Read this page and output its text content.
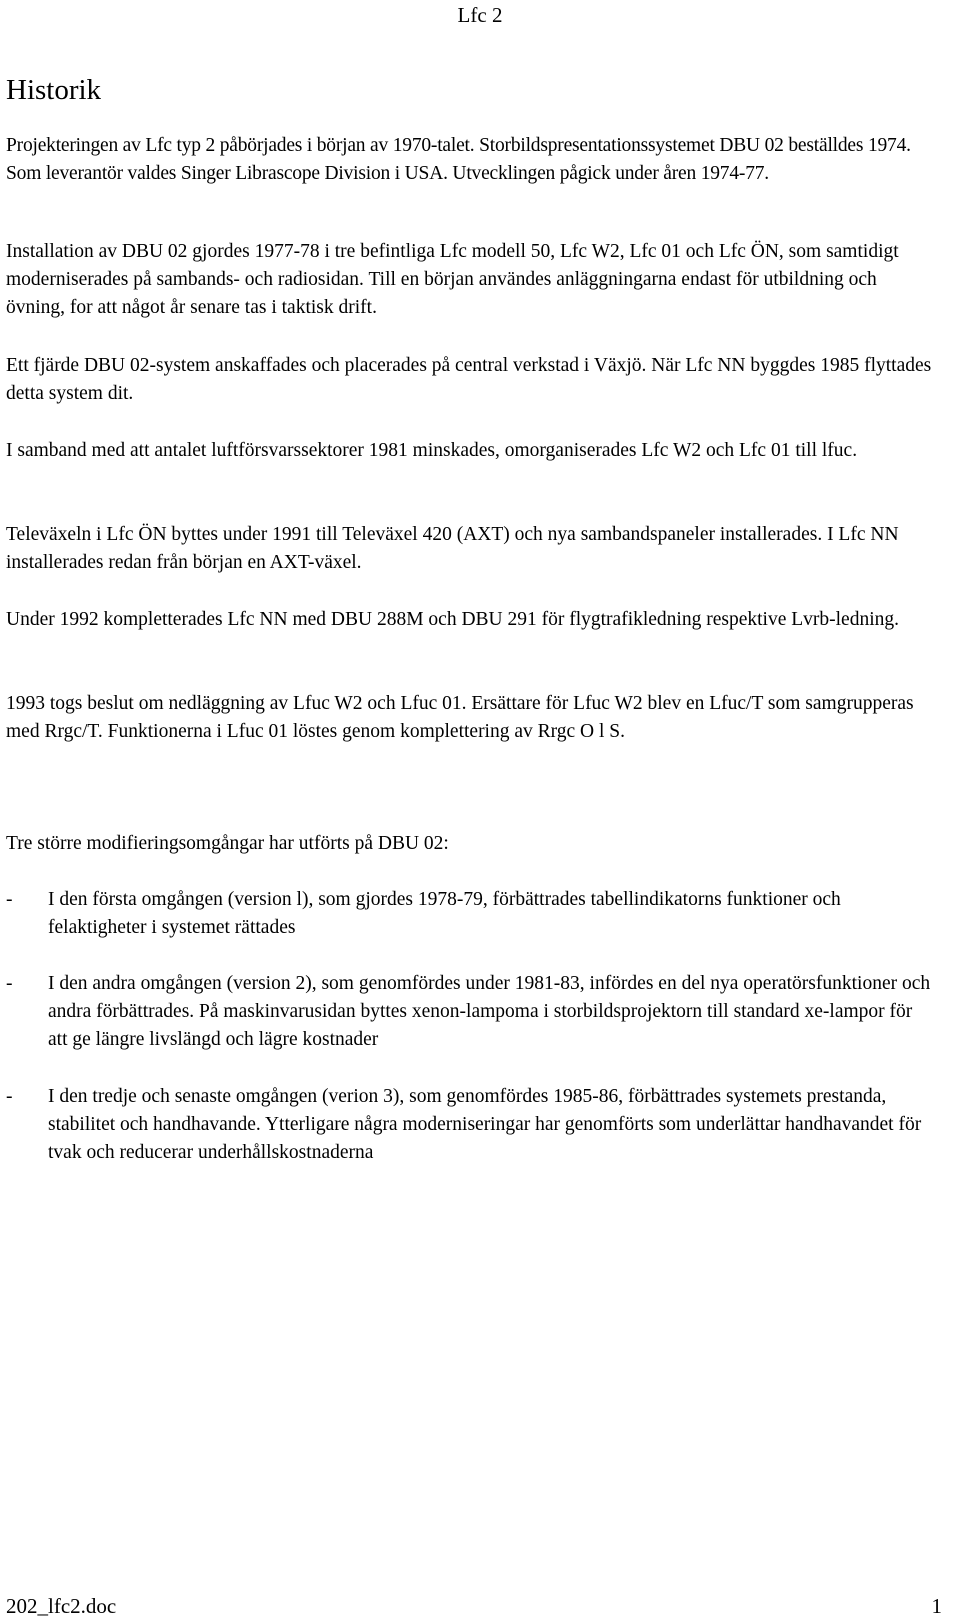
Lfc 2
Historik

Projekteringen av Lfc typ 2 påbörjades i början av 1970-talet. Storbildspresentationssystemet DBU 02 beställdes 1974. Som leverantör valdes Singer Librascope Division i USA. Utvecklingen pågick under åren 1974-77.

Installation av DBU 02 gjordes 1977-78 i tre befintliga Lfc modell 50, Lfc W2, Lfc 01 och Lfc ÖN, som samtidigt moderniserades på sambands- och radiosidan. Till en början användes anläggningarna endast för utbildning och övning, for att något år senare tas i taktisk drift.

Ett fjärde DBU 02-system anskaffades och placerades på central verkstad i Växjö. När Lfc NN byggdes 1985 flyttades detta system dit.

I samband med att antalet luftförsvarssektorer 1981 minskades, omorganiserades Lfc W2 och Lfc 01 till lfuc.

Televäxeln i Lfc ÖN byttes under 1991 till Televäxel 420 (AXT) och nya sambandspaneler installerades. I Lfc NN installerades redan från början en AXT-växel.

Under 1992 kompletterades Lfc NN med DBU 288M och DBU 291 för flygtrafikledning respektive Lvrb-ledning.

1993 togs beslut om nedläggning av Lfuc W2 och Lfuc 01. Ersättare för Lfuc W2 blev en Lfuc/T som samgrupperas med Rrgc/T. Funktionerna i Lfuc 01 löstes genom komplettering av Rrgc O l S.

Tre större modifieringsomgångar har utförts på DBU 02:

- I den första omgången (version l), som gjordes 1978-79, förbättrades tabellindikatorns funktioner och felaktigheter i systemet rättades
- I den andra omgången (version 2), som genomfördes under 1981-83, infördes en del nya operatörsfunktioner och andra förbättrades. På maskinvarusidan byttes xenon-lampoma i storbildsprojektorn till standard xe-lampor för att ge längre livslängd och lägre kostnader
- I den tredje och senaste omgången (verion 3), som genomfördes 1985-86, förbättrades systemets prestanda, stabilitet och handhavande. Ytterligare några moderniseringar har genomförts som underlättar handhavandet för tvak och reducerar underhållskostnaderna
202_lfc2.doc	1
